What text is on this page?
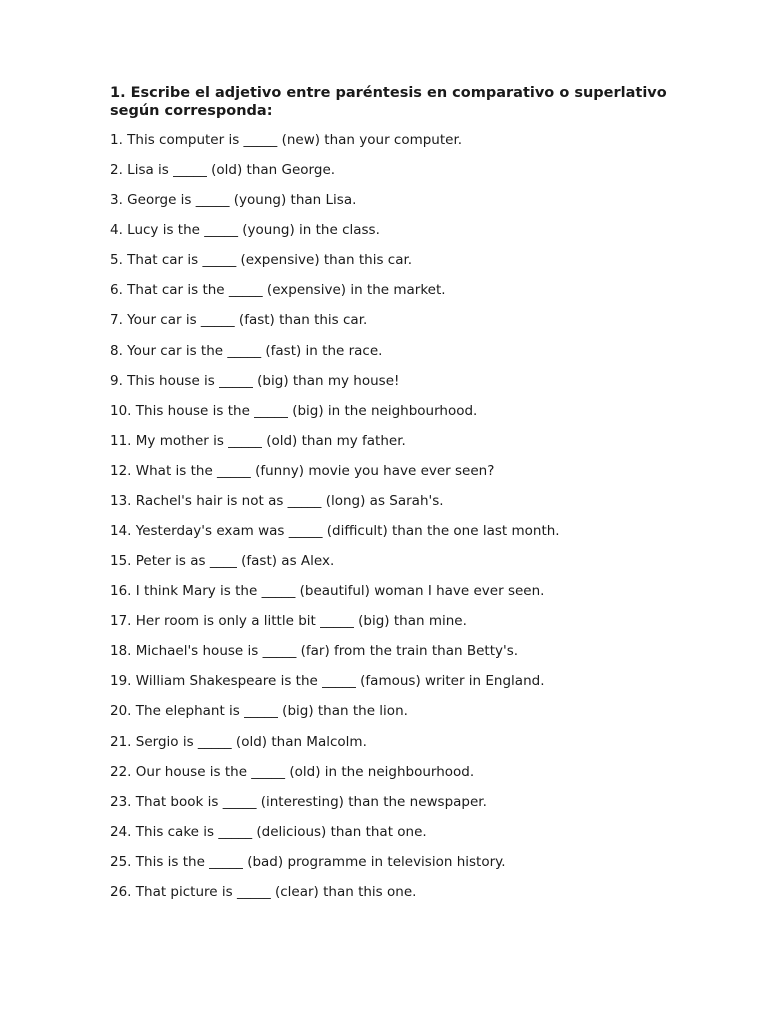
1. Escribe el adjetivo entre paréntesis en comparativo o superlativo según corresponda:

1. This computer is _____ (new) than your computer.
2. Lisa is _____ (old) than George.
3. George is _____ (young) than Lisa.
4. Lucy is the _____ (young) in the class.
5. That car is _____ (expensive) than this car.
6. That car is the _____ (expensive) in the market.
7. Your car is _____ (fast) than this car.
8. Your car is the _____ (fast) in the race.
9. This house is _____ (big) than my house!
10. This house is the _____ (big) in the neighbourhood.
11. My mother is _____ (old) than my father.
12. What is the _____ (funny) movie you have ever seen?
13. Rachel's hair is not as _____ (long) as Sarah's.
14. Yesterday's exam was _____ (difficult) than the one last month.
15. Peter is as ____ (fast) as Alex.
16. I think Mary is the _____ (beautiful) woman I have ever seen.
17. Her room is only a little bit _____ (big) than mine.
18. Michael's house is _____ (far) from the train than Betty's.
19. William Shakespeare is the _____ (famous) writer in England.
20. The elephant is _____ (big) than the lion.
21. Sergio is _____ (old) than Malcolm.
22. Our house is the _____ (old) in the neighbourhood.
23. That book is _____ (interesting) than the newspaper.
24. This cake is _____ (delicious) than that one.
25. This is the _____ (bad) programme in television history.
26. That picture is _____ (clear) than this one.
